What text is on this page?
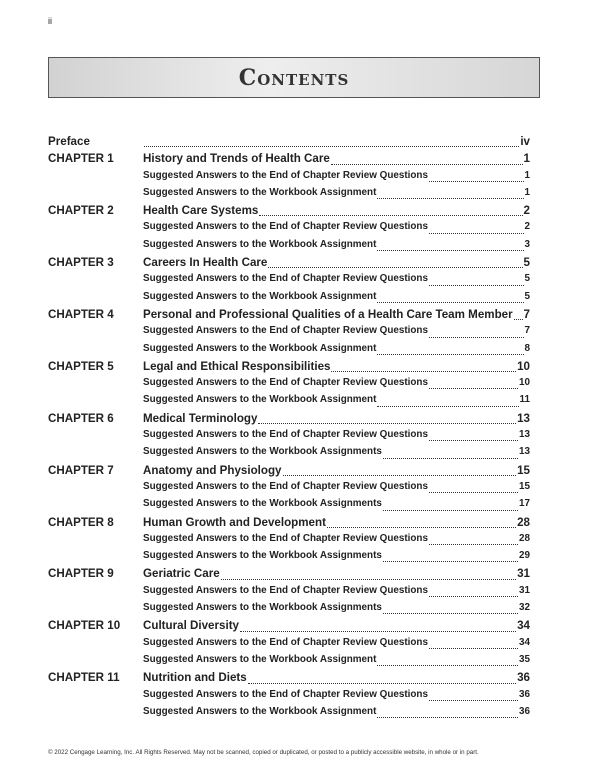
ii
Contents
Preface	iv
CHAPTER 1	History and Trends of Health Care	1
Suggested Answers to the End of Chapter Review Questions	1
Suggested Answers to the Workbook Assignment	1
CHAPTER 2	Health Care Systems	2
Suggested Answers to the End of Chapter Review Questions	2
Suggested Answers to the Workbook Assignment	3
CHAPTER 3	Careers In Health Care	5
Suggested Answers to the End of Chapter Review Questions	5
Suggested Answers to the Workbook Assignment	5
CHAPTER 4	Personal and Professional Qualities of a Health Care Team Member 7
Suggested Answers to the End of Chapter Review Questions	7
Suggested Answers to the Workbook Assignment	8
CHAPTER 5	Legal and Ethical Responsibilities	10
Suggested Answers to the End of Chapter Review Questions	10
Suggested Answers to the Workbook Assignment	11
CHAPTER 6	Medical Terminology	13
Suggested Answers to the End of Chapter Review Questions	13
Suggested Answers to the Workbook Assignments	13
CHAPTER 7	Anatomy and Physiology	15
Suggested Answers to the End of Chapter Review Questions	15
Suggested Answers to the Workbook Assignments	17
CHAPTER 8	Human Growth and Development	28
Suggested Answers to the End of Chapter Review Questions	28
Suggested Answers to the Workbook Assignments	29
CHAPTER 9	Geriatric Care	31
Suggested Answers to the End of Chapter Review Questions	31
Suggested Answers to the Workbook Assignments	32
CHAPTER 10	Cultural Diversity	34
Suggested Answers to the End of Chapter Review Questions	34
Suggested Answers to the Workbook Assignment	35
CHAPTER 11	Nutrition and Diets	36
Suggested Answers to the End of Chapter Review Questions	36
Suggested Answers to the Workbook Assignment	36
© 2022 Cengage Learning, Inc. All Rights Reserved. May not be scanned, copied or duplicated, or posted to a publicly accessible website, in whole or in part.
